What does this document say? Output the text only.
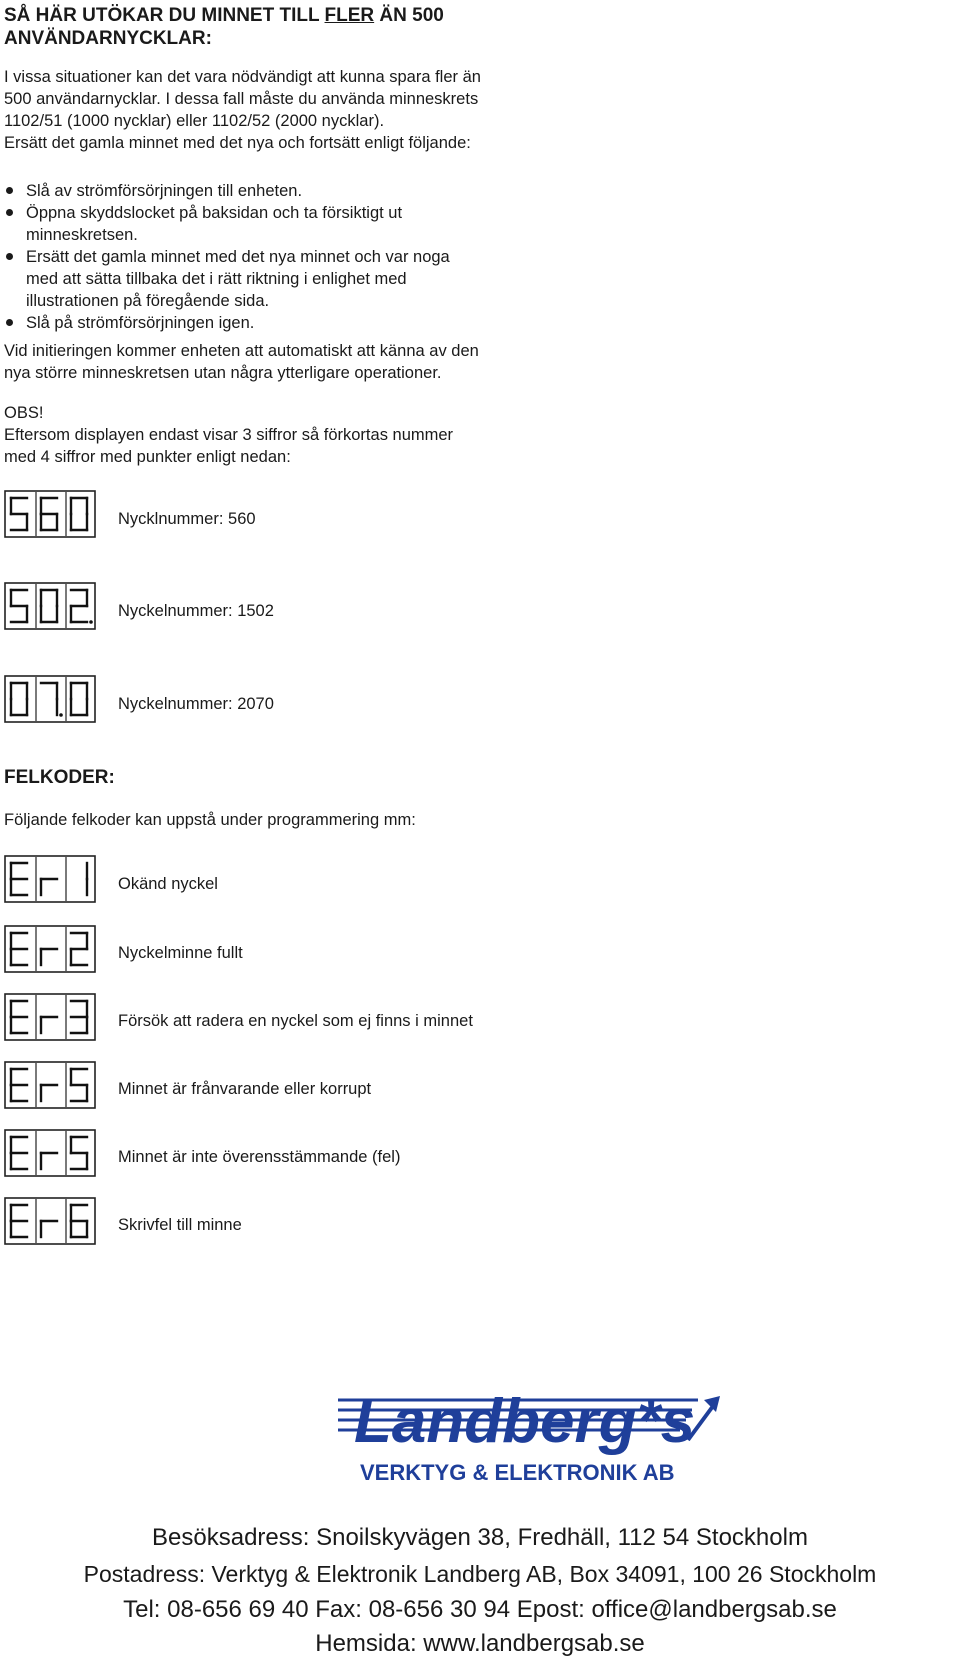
SÅ HÄR UTÖKAR DU MINNET TILL FLER ÄN 500
ANVÄNDARNYCKLAR:
I vissa situationer kan det vara nödvändigt att kunna spara fler än
500 användarnycklar. I dessa fall måste du använda minneskrets
1102/51 (1000 nycklar) eller 1102/52 (2000 nycklar).
Ersätt det gamla minnet med det nya och fortsätt enligt följande:
Slå av strömförsörjningen till enheten.
Öppna skyddslocket på baksidan och ta försiktigt ut
minneskretsen.
Ersätt det gamla minnet med det nya minnet och var noga
med att sätta tillbaka det i rätt riktning i enlighet med
illustrationen på föregående sida.
Slå på strömförsörjningen igen.
Vid initieringen kommer enheten att automatiskt att känna av den
nya större minneskretsen utan några ytterligare operationer.
OBS!
Eftersom displayen endast visar 3 siffror så förkortas nummer
med 4 siffror med punkter enligt nedan:
Nycklnummer: 560
Nyckelnummer: 1502
Nyckelnummer: 2070
FELKODER:
Följande felkoder kan uppstå under programmering mm:
Okänd nyckel
Nyckelminne fullt
Försök att radera en nyckel som ej finns i minnet
Minnet är frånvarande eller korrupt
Minnet är inte överensstämmande (fel)
Skrivfel till minne
Landberg*s
VERKTYG & ELEKTRONIK AB
Besöksadress: Snoilskyvägen 38, Fredhäll, 112 54 Stockholm
Postadress: Verktyg & Elektronik Landberg AB, Box 34091, 100 26 Stockholm
Tel: 08-656 69 40 Fax: 08-656 30 94 Epost: office@landbergsab.se
Hemsida: www.landbergsab.se
